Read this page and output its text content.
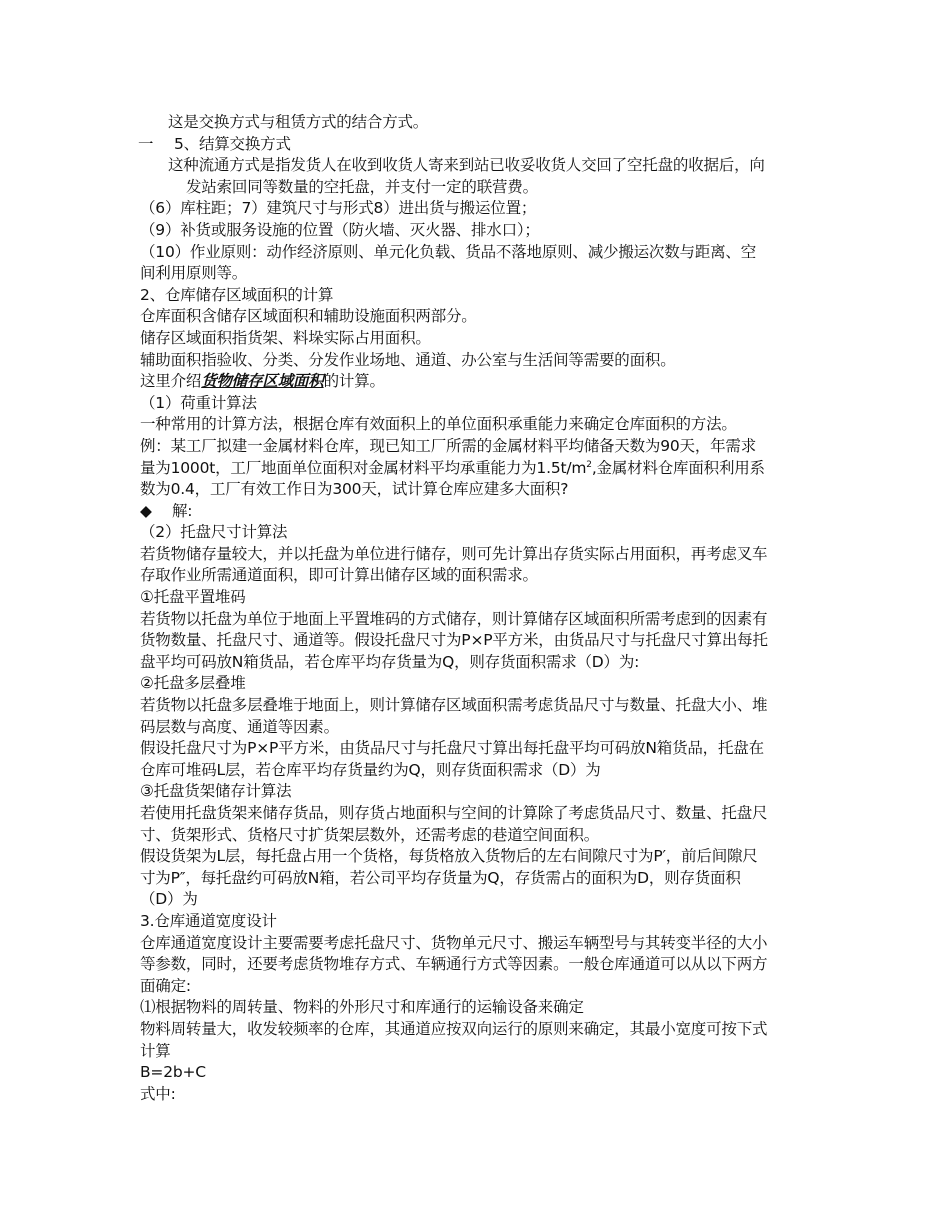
这是交换方式与租赁方式的结合方式。
一 5、结算交换方式
这种流通方式是指发货人在收到收货人寄来到站已收妥收货人交回了空托盘的收据后，向
发站索回同等数量的空托盘，并支付一定的联营费。
（6）库柱距；7）建筑尺寸与形式8）进出货与搬运位置；
（9）补货或服务设施的位置（防火墙、灭火器、排水口）；
（10）作业原则：动作经济原则、单元化负载、货品不落地原则、减少搬运次数与距离、空
间利用原则等。
2、仓库储存区域面积的计算
仓库面积含储存区域面积和辅助设施面积两部分。
储存区域面积指货架、料垛实际占用面积。
辅助面积指验收、分类、分发作业场地、通道、办公室与生活间等需要的面积。
这里介绍货物储存区域面积的计算。
（1）荷重计算法
一种常用的计算方法，根据仓库有效面积上的单位面积承重能力来确定仓库面积的方法。
例：某工厂拟建一金属材料仓库，现已知工厂所需的金属材料平均储备天数为90天，年需求
量为1000t，工厂地面单位面积对金属材料平均承重能力为$1.5t/m^2$,金属材料仓库面积利用系
数为0.4，工厂有效工作日为300天，试计算仓库应建多大面积?
◆ 解:
（2）托盘尺寸计算法
若货物储存量较大，并以托盘为单位进行储存，则可先计算出存货实际占用面积，再考虑叉车
存取作业所需通道面积，即可计算出储存区域的面积需求。
①托盘平置堆码
若货物以托盘为单位于地面上平置堆码的方式储存，则计算储存区域面积所需考虑到的因素有
货物数量、托盘尺寸、通道等。假设托盘尺寸为P×P平方米，由货品尺寸与托盘尺寸算出每托
盘平均可码放N箱货品，若仓库平均存货量为Q，则存货面积需求（D）为:
②托盘多层叠堆
若货物以托盘多层叠堆于地面上，则计算储存区域面积需考虑货品尺寸与数量、托盘大小、堆
码层数与高度、通道等因素。
假设托盘尺寸为P×P平方米，由货品尺寸与托盘尺寸算出每托盘平均可码放N箱货品，托盘在
仓库可堆码L层，若仓库平均存货量约为Q，则存货面积需求（D）为
③托盘货架储存计算法
若使用托盘货架来储存货品，则存货占地面积与空间的计算除了考虑货品尺寸、数量、托盘尺
寸、货架形式、货格尺寸扩货架层数外，还需考虑的巷道空间面积。
假设货架为L层，每托盘占用一个货格，每货格放入货物后的左右间隙尺寸为P′，前后间隙尺
寸为P″，每托盘约可码放N箱，若公司平均存货量为Q，存货需占的面积为D，则存货面积
（D）为
3.仓库通道宽度设计
仓库通道宽度设计主要需要考虑托盘尺寸、货物单元尺寸、搬运车辆型号与其转变半径的大小
等参数，同时，还要考虑货物堆存方式、车辆通行方式等因素。一般仓库通道可以从以下两方
面确定:
⑴根据物料的周转量、物料的外形尺寸和库通行的运输设备来确定
物料周转量大，收发较频率的仓库，其通道应按双向运行的原则来确定，其最小宽度可按下式
计算
B=2b+C
式中:
